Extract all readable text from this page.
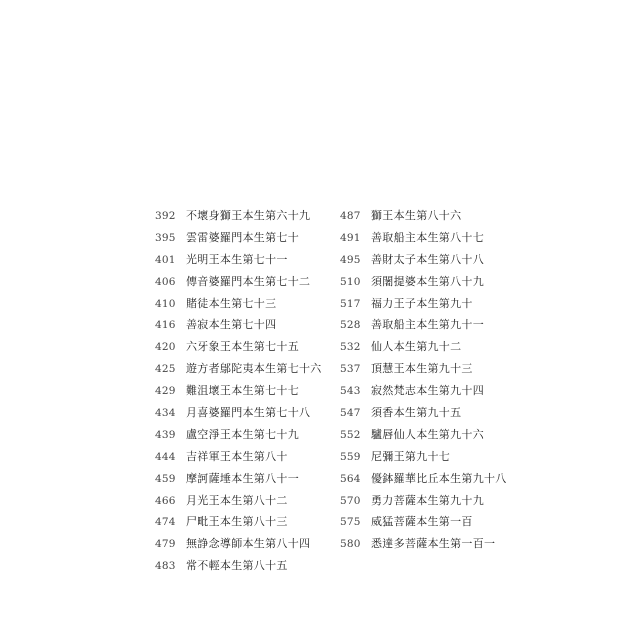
392 不壞身獅王本生第六十九
395 雲雷婆羅門本生第七十
401 光明王本生第七十一
406 傳音婆羅門本生第七十二
410 賭徒本生第七十三
416 善寂本生第七十四
420 六牙象王本生第七十五
425 遊方者鄔陀夷本生第七十六
429 難沮壞王本生第七十七
434 月喜婆羅門本生第七十八
439 盧空淨王本生第七十九
444 吉祥軍王本生第八十
459 摩訶薩埵本生第八十一
466 月光王本生第八十二
474 尸毗王本生第八十三
479 無諍念導師本生第八十四
483 常不輕本生第八十五
487 獅王本生第八十六
491 善取船主本生第八十七
495 善財太子本生第八十八
510 須闍提婆本生第八十九
517 福力王子本生第九十
528 善取船主本生第九十一
532 仙人本生第九十二
537 頂慧王本生第九十三
543 寂然梵志本生第九十四
547 須香本生第九十五
552 驢唇仙人本生第九十六
559 尼彌王第九十七
564 優鉢羅華比丘本生第九十八
570 勇力菩薩本生第九十九
575 威猛菩薩本生第一百
580 悉達多菩薩本生第一百一
